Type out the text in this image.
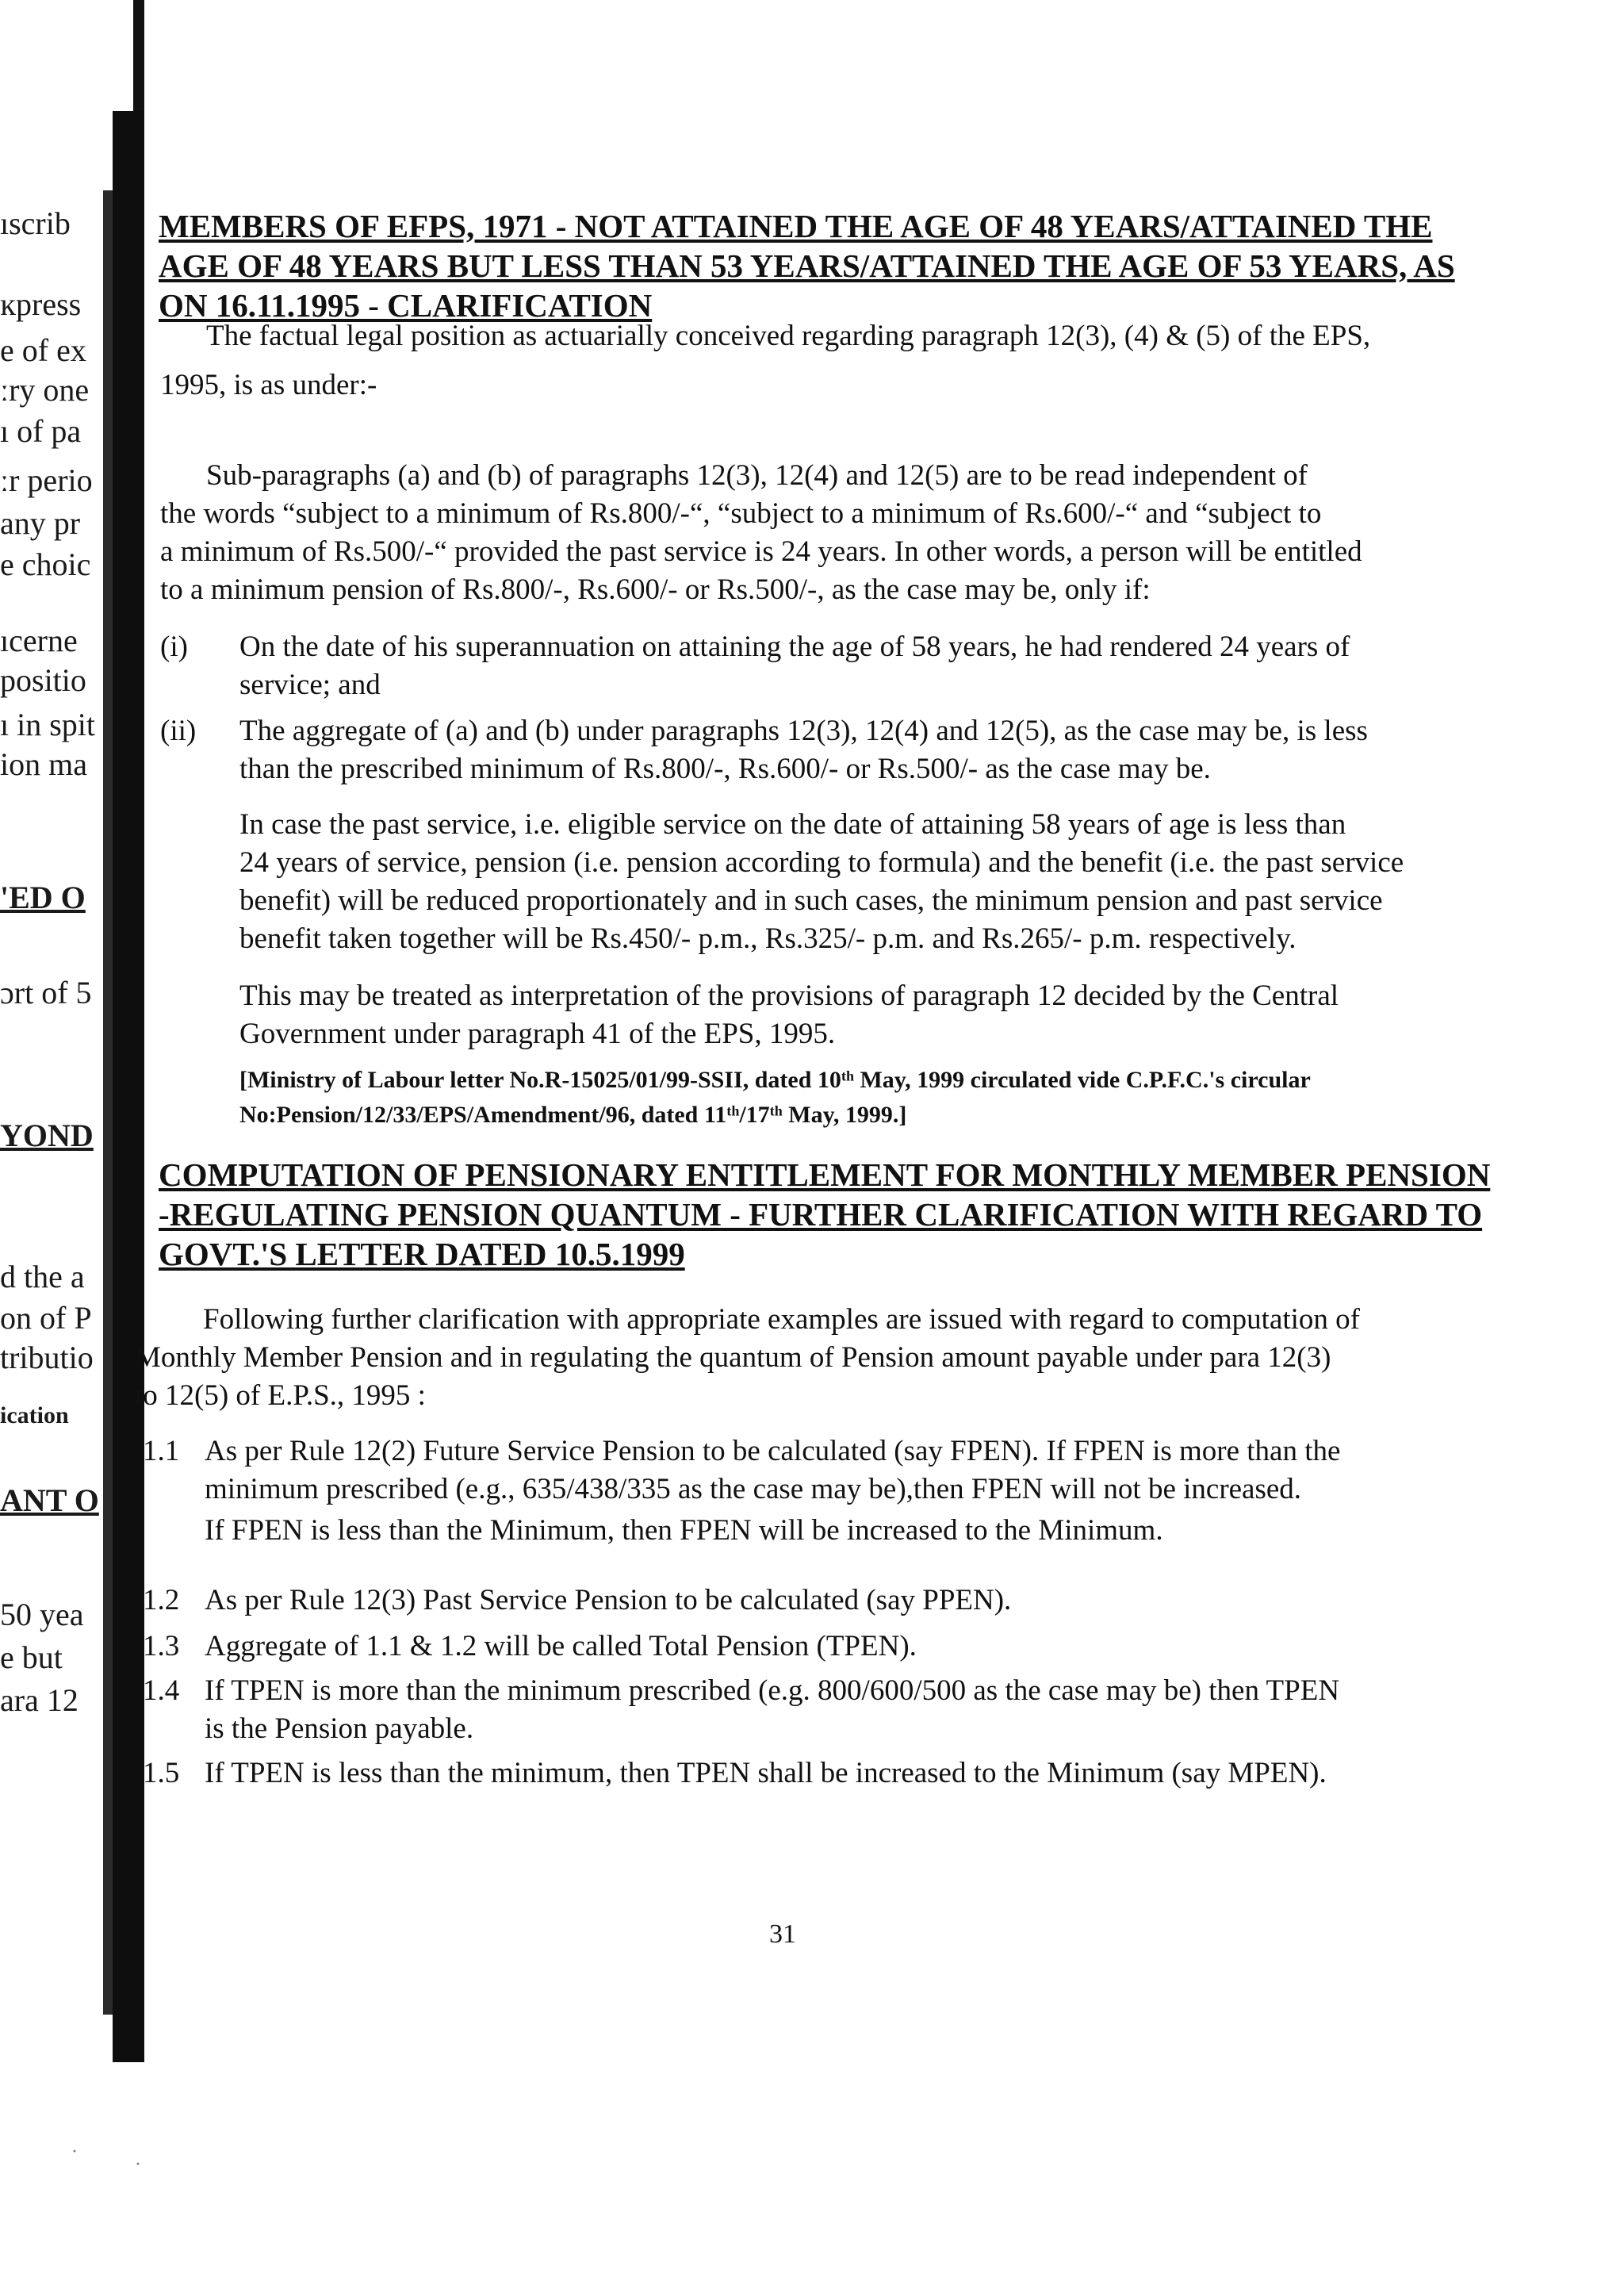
ıscrib
ĸpress
e of ex
ːry one
ı of pa
ːr perio
any pr
e choic
ıcerne
positio
ı in spit
ion ma
'ED O
ɔrt of 5
YOND
d the a
on of P
tributio
ication
ANT O
50 yea
e but
ara 12

MEMBERS OF EFPS, 1971 - NOT ATTAINED THE AGE OF 48 YEARS/ATTAINED THE

AGE OF 48 YEARS BUT LESS THAN 53 YEARS/ATTAINED THE AGE OF 53 YEARS, AS

ON 16.11.1995 - CLARIFICATION

The factual legal position as actuarially conceived regarding paragraph 12(3), (4) & (5) of the EPS,

1995, is as under:-

Sub-paragraphs (a) and (b) of paragraphs 12(3), 12(4) and 12(5) are to be read independent of

the words “subject to a minimum of Rs.800/-“, “subject to a minimum of Rs.600/-“ and “subject to

a minimum of Rs.500/-“ provided the past service is 24 years. In other words, a person will be entitled

to a minimum pension of Rs.800/-, Rs.600/- or Rs.500/-, as the case may be, only if:

(i) On the date of his superannuation on attaining the age of 58 years, he had rendered 24 years of
service; and
(ii) The aggregate of (a) and (b) under paragraphs 12(3), 12(4) and 12(5), as the case may be, is less
than the prescribed minimum of Rs.800/-, Rs.600/- or Rs.500/- as the case may be.

In case the past service, i.e. eligible service on the date of attaining 58 years of age is less than

24 years of service, pension (i.e. pension according to formula) and the benefit (i.e. the past service

benefit) will be reduced proportionately and in such cases, the minimum pension and past service

benefit taken together will be Rs.450/- p.m., Rs.325/- p.m. and Rs.265/- p.m. respectively.

This may be treated as interpretation of the provisions of paragraph 12 decided by the Central

Government under paragraph 41 of the EPS, 1995.

[Ministry of Labour letter No.R-15025/01/99-SSII, dated 10ᵗʰ May, 1999 circulated vide C.P.F.C.'s circular

No:Pension/12/33/EPS/Amendment/96, dated 11ᵗʰ/17ᵗʰ May, 1999.]

COMPUTATION OF PENSIONARY ENTITLEMENT FOR MONTHLY MEMBER PENSION

-REGULATING PENSION QUANTUM - FURTHER CLARIFICATION WITH REGARD TO

GOVT.'S LETTER DATED 10.5.1999

Following further clarification with appropriate examples are issued with regard to computation of

Monthly Member Pension and in regulating the quantum of Pension amount payable under para 12(3)

to 12(5) of E.P.S., 1995 :

1.1 As per Rule 12(2) Future Service Pension to be calculated (say FPEN). If FPEN is more than the
minimum prescribed (e.g., 635/438/335 as the case may be),then FPEN will not be increased.
If FPEN is less than the Minimum, then FPEN will be increased to the Minimum.
1.2 As per Rule 12(3) Past Service Pension to be calculated (say PPEN).
1.3 Aggregate of 1.1 & 1.2 will be called Total Pension (TPEN).
1.4 If TPEN is more than the minimum prescribed (e.g. 800/600/500 as the case may be) then TPEN
is the Pension payable.
1.5 If TPEN is less than the minimum, then TPEN shall be increased to the Minimum (say MPEN).
31
·
·
